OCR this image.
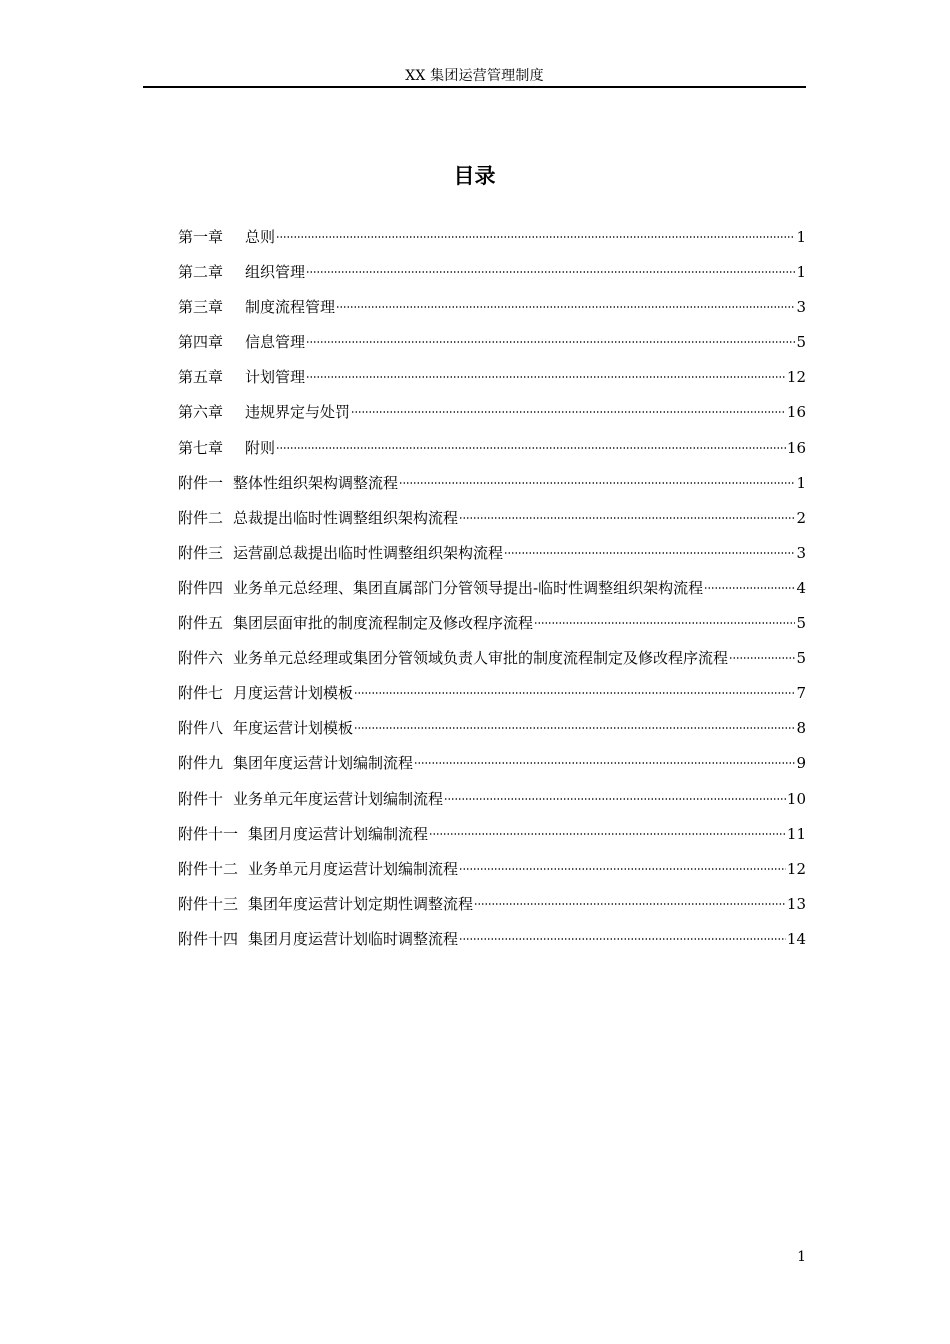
XX 集团运营管理制度
目录
第一章	总则	1
第二章	组织管理	1
第三章	制度流程管理	3
第四章	信息管理	5
第五章	计划管理	12
第六章	违规界定与处罚	16
第七章	附则	16
附件一 整体性组织架构调整流程	1
附件二 总裁提出临时性调整组织架构流程	2
附件三 运营副总裁提出临时性调整组织架构流程	3
附件四 业务单元总经理、集团直属部门分管领导提出-临时性调整组织架构流程	4
附件五 集团层面审批的制度流程制定及修改程序流程	5
附件六 业务单元总经理或集团分管领域负责人审批的制度流程制定及修改程序流程	5
附件七 月度运营计划模板	7
附件八 年度运营计划模板	8
附件九 集团年度运营计划编制流程	9
附件十 业务单元年度运营计划编制流程	10
附件十一 集团月度运营计划编制流程	11
附件十二 业务单元月度运营计划编制流程	12
附件十三 集团年度运营计划定期性调整流程	13
附件十四 集团月度运营计划临时调整流程	14
1
